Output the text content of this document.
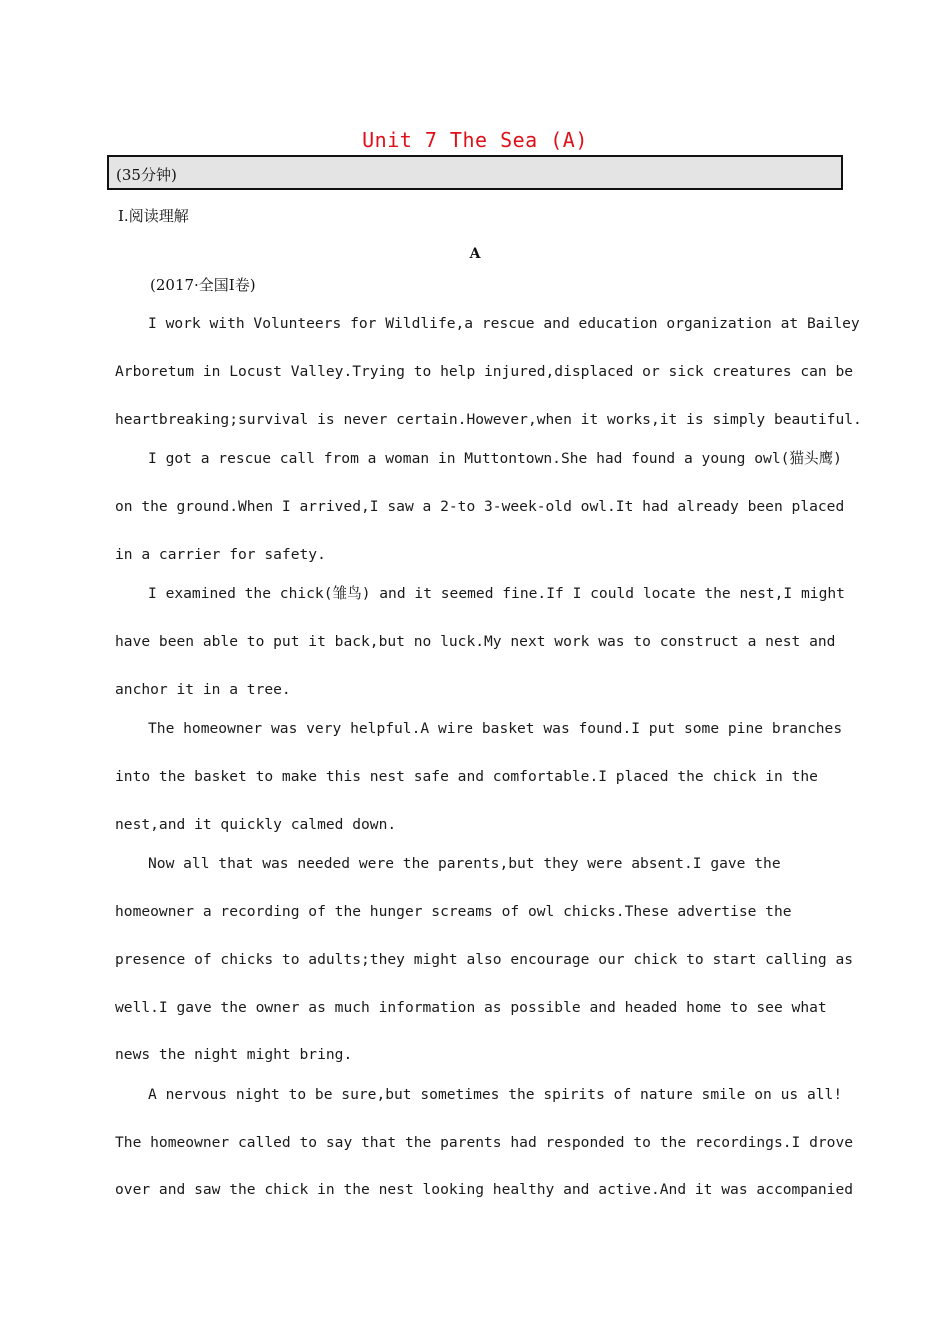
Unit 7 The Sea (A)
(35分钟)
Ⅰ.阅读理解
A
(2017·全国Ⅰ卷)
I work with Volunteers for Wildlife,a rescue and education organization at Bailey
Arboretum in Locust Valley.Trying to help injured,displaced or sick creatures can be
heartbreaking;survival is never certain.However,when it works,it is simply beautiful.
I got a rescue call from a woman in Muttontown.She had found a young owl(猫头鹰)
on the ground.When I arrived,I saw a 2-to 3-week-old owl.It had already been placed
in a carrier for safety.
I examined the chick(雏鸟) and it seemed fine.If I could locate the nest,I might
have been able to put it back,but no luck.My next work was to construct a nest and
anchor it in a tree.
The homeowner was very helpful.A wire basket was found.I put some pine branches
into the basket to make this nest safe and comfortable.I placed the chick in the
nest,and it quickly calmed down.
Now all that was needed were the parents,but they were absent.I gave the
homeowner a recording of the hunger screams of owl chicks.These advertise the
presence of chicks to adults;they might also encourage our chick to start calling as
well.I gave the owner as much information as possible and headed home to see what
news the night might bring.
A nervous night to be sure,but sometimes the spirits of nature smile on us all!
The homeowner called to say that the parents had responded to the recordings.I drove
over and saw the chick in the nest looking healthy and active.And it was accompanied
